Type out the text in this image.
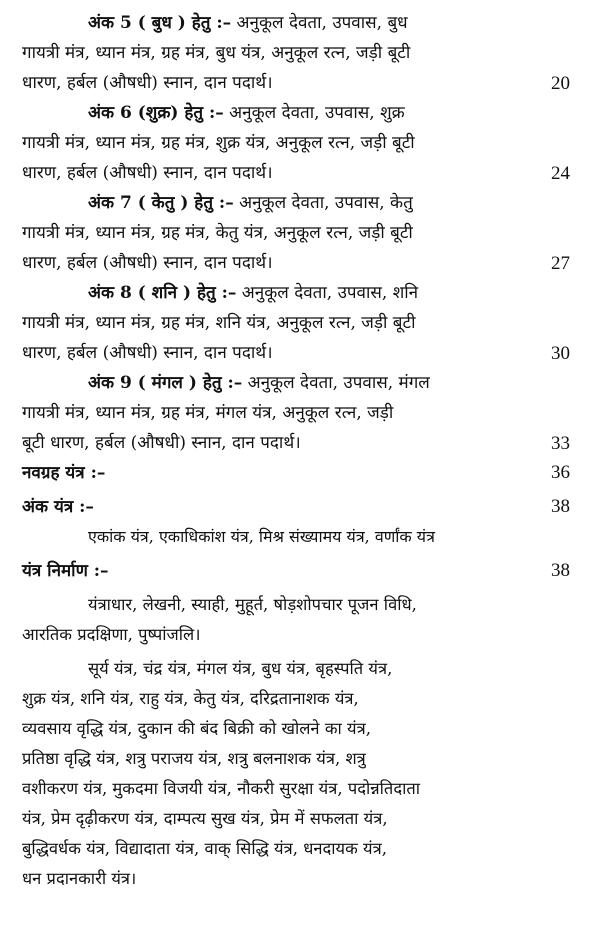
अंक 5 ( बुध ) हेतु :– अनुकूल देवता, उपवास, बुध
गायत्री मंत्र, ध्यान मंत्र, ग्रह मंत्र, बुध यंत्र, अनुकूल रत्न, जड़ी बूटी
धारण, हर्बल (औषधी) स्नान, दान पदार्थ।	20
अंक 6 (शुक्र) हेतु :– अनुकूल देवता, उपवास, शुक्र
गायत्री मंत्र, ध्यान मंत्र, ग्रह मंत्र, शुक्र यंत्र, अनुकूल रत्न, जड़ी बूटी
धारण, हर्बल (औषधी) स्नान, दान पदार्थ।	24
अंक 7 ( केतु ) हेतु :– अनुकूल देवता, उपवास, केतु
गायत्री मंत्र, ध्यान मंत्र, ग्रह मंत्र, केतु यंत्र, अनुकूल रत्न, जड़ी बूटी
धारण, हर्बल (औषधी) स्नान, दान पदार्थ।	27
अंक 8 ( शनि ) हेतु :– अनुकूल देवता, उपवास, शनि
गायत्री मंत्र, ध्यान मंत्र, ग्रह मंत्र, शनि यंत्र, अनुकूल रत्न, जड़ी बूटी
धारण, हर्बल (औषधी) स्नान, दान पदार्थ।	30
अंक 9 ( मंगल ) हेतु :– अनुकूल देवता, उपवास, मंगल
गायत्री मंत्र, ध्यान मंत्र, ग्रह मंत्र, मंगल यंत्र, अनुकूल रत्न, जड़ी
बूटी धारण, हर्बल (औषधी) स्नान, दान पदार्थ।	33
नवग्रह यंत्र :–	36
अंक यंत्र :–	38
एकांक यंत्र, एकाधिकांश यंत्र, मिश्र संख्यामय यंत्र, वर्णांक यंत्र
यंत्र निर्माण :–	38
यंत्राधार, लेखनी, स्याही, मुहूर्त, षोड़शोपचार पूजन विधि,
आरतिक प्रदक्षिणा, पुष्पांजलि।
सूर्य यंत्र, चंद्र यंत्र, मंगल यंत्र, बुध यंत्र, बृहस्पति यंत्र,
शुक्र यंत्र, शनि यंत्र, राहु यंत्र, केतु यंत्र, दरिद्रतानाशक यंत्र,
व्यवसाय वृद्धि यंत्र, दुकान की बंद बिक्री को खोलने का यंत्र,
प्रतिष्ठा वृद्धि यंत्र, शत्रु पराजय यंत्र, शत्रु बलनाशक यंत्र, शत्रु
वशीकरण यंत्र, मुकदमा विजयी यंत्र, नौकरी सुरक्षा यंत्र, पदोन्नतिदाता
यंत्र, प्रेम दृढ़ीकरण यंत्र, दाम्पत्य सुख यंत्र, प्रेम में सफलता यंत्र,
बुद्धिवर्धक यंत्र, विद्यादाता यंत्र, वाक् सिद्धि यंत्र, धनदायक यंत्र,
धन प्रदानकारी यंत्र।
